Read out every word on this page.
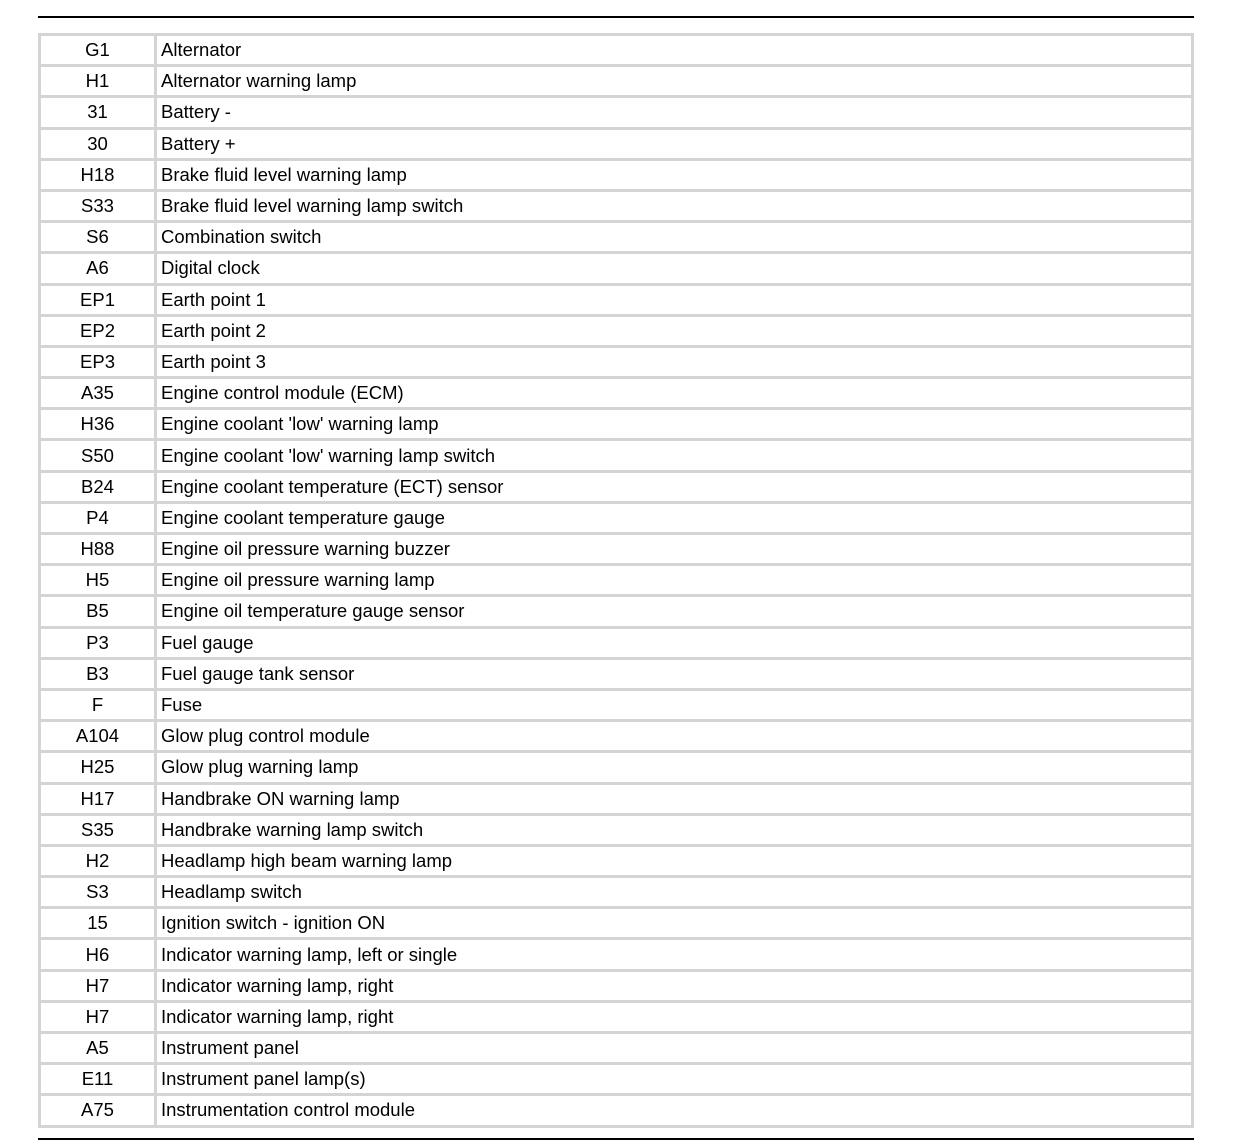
G1	Alternator
H1	Alternator warning lamp
31	Battery -
30	Battery +
H18	Brake fluid level warning lamp
S33	Brake fluid level warning lamp switch
S6	Combination switch
A6	Digital clock
EP1	Earth point 1
EP2	Earth point 2
EP3	Earth point 3
A35	Engine control module (ECM)
H36	Engine coolant 'low' warning lamp
S50	Engine coolant 'low' warning lamp switch
B24	Engine coolant temperature (ECT) sensor
P4	Engine coolant temperature gauge
H88	Engine oil pressure warning buzzer
H5	Engine oil pressure warning lamp
B5	Engine oil temperature gauge sensor
P3	Fuel gauge
B3	Fuel gauge tank sensor
F	Fuse
A104	Glow plug control module
H25	Glow plug warning lamp
H17	Handbrake ON warning lamp
S35	Handbrake warning lamp switch
H2	Headlamp high beam warning lamp
S3	Headlamp switch
15	Ignition switch - ignition ON
H6	Indicator warning lamp, left or single
H7	Indicator warning lamp, right
H7	Indicator warning lamp, right
A5	Instrument panel
E11	Instrument panel lamp(s)
A75	Instrumentation control module
